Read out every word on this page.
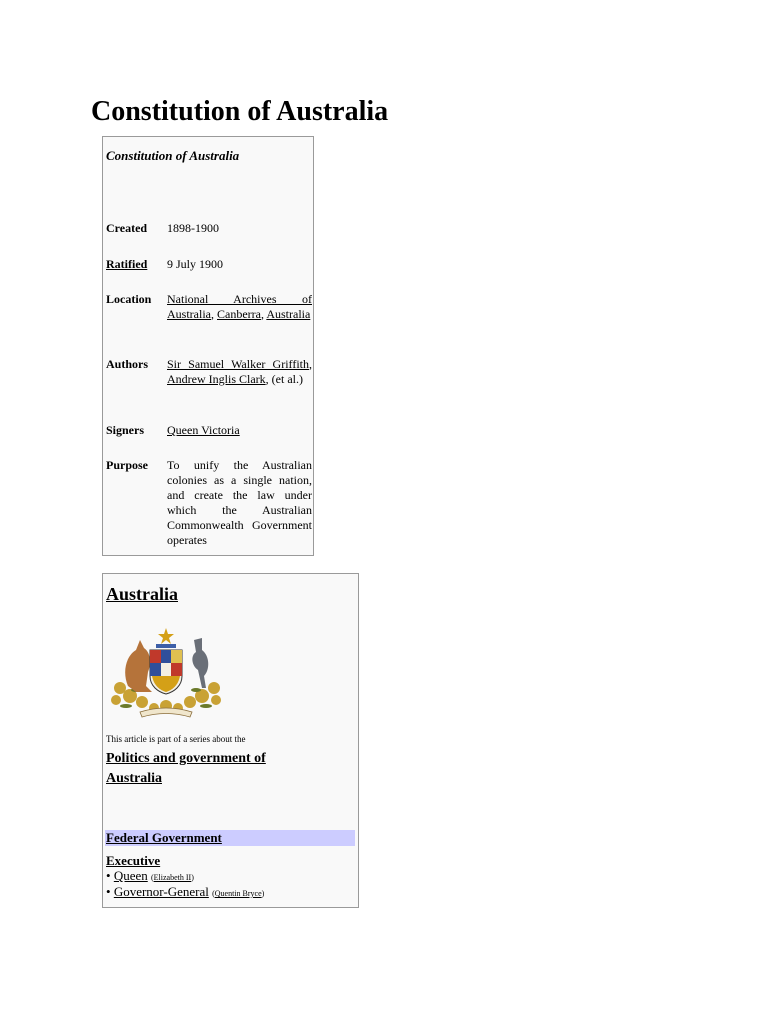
Constitution of Australia
Constitution of Australia
Created 1898-1900
Ratified 9 July 1900
Location National Archives of Australia, Canberra, Australia
Authors Sir Samuel Walker Griffith, Andrew Inglis Clark, (et al.)
Signers Queen Victoria
Purpose To unify the Australian colonies as a single nation, and create the law under which the Australian Commonwealth Government operates
Australia
This article is part of a series about the
Politics and government of Australia
Federal Government
Executive
• Queen (Elizabeth II)
• Governor-General (Quentin Bryce)
